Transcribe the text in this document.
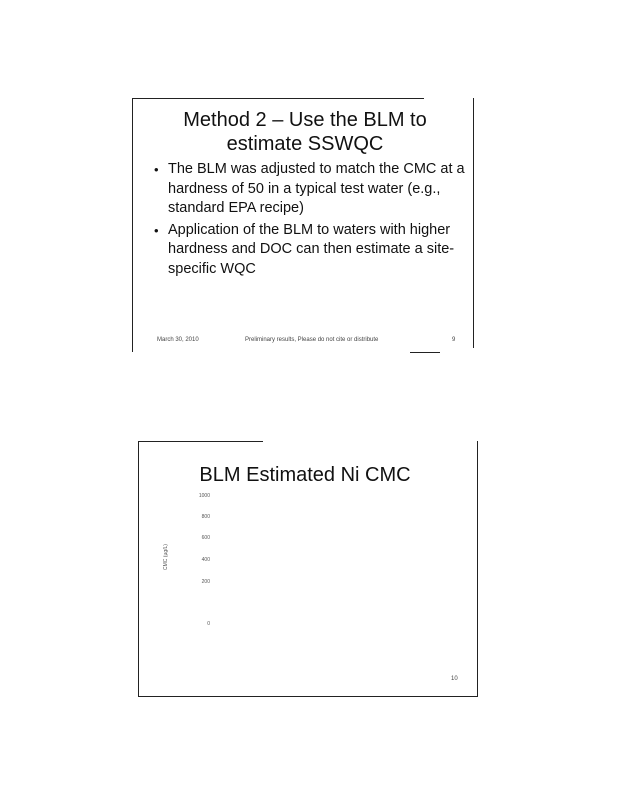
Method 2 – Use the BLM to
estimate SSWQC
• The BLM was adjusted to match the CMC at a hardness of 50 in a typical test water (e.g., standard EPA recipe)
• Application of the BLM to waters with higher hardness and DOC can then estimate a site-specific WQC
March 30, 2010	Preliminary results, Please do not cite or distribute	9
BLM Estimated Ni CMC
1000
800
600
400
200
0
CMC (µg/L)
10
